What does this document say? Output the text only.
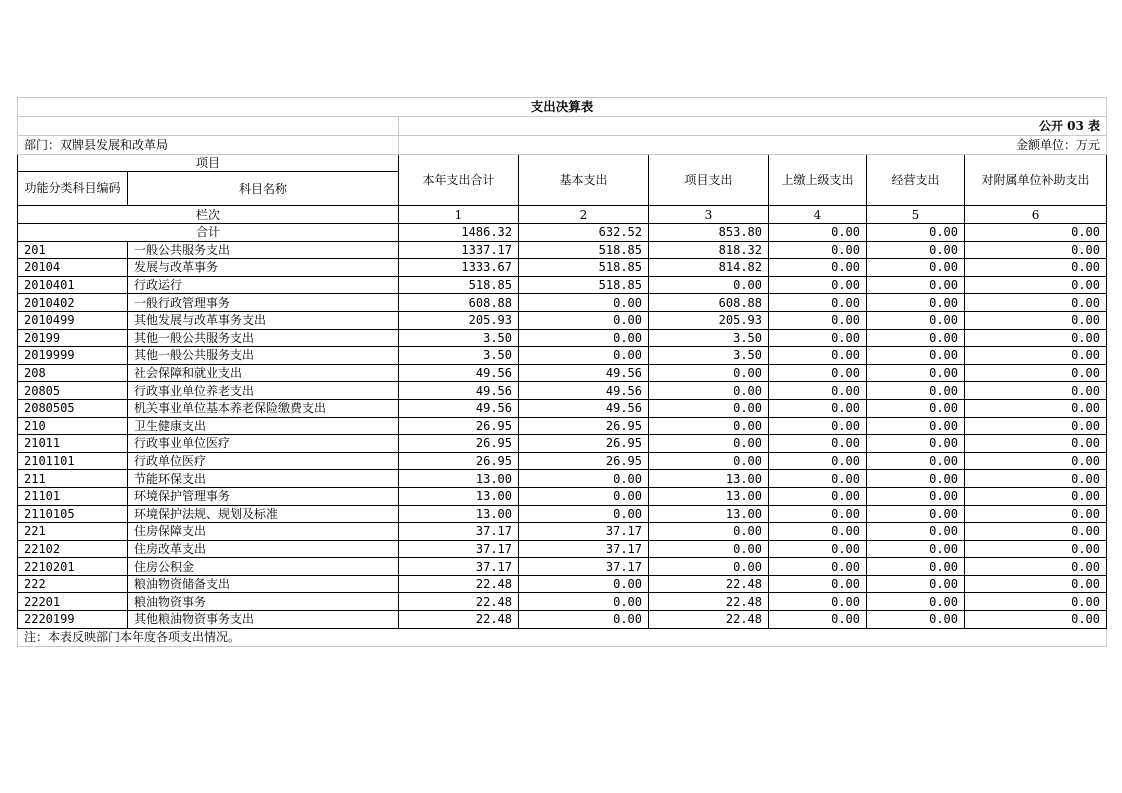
支出决算表							
		公开 03 表					
部门：双牌县发展和改革局		金额单位：万元					
项目		本年支出合计	基本支出	项目支出	上缴上级支出	经营支出	对附属单位补助支出
功能分类科目编码	科目名称						
栏次		1	2	3	4	5	6
合计		1486.32	632.52	853.80	0.00	0.00	0.00
201	一般公共服务支出	1337.17	518.85	818.32	0.00	0.00	0.00
20104	发展与改革事务	1333.67	518.85	814.82	0.00	0.00	0.00
2010401	行政运行	518.85	518.85	0.00	0.00	0.00	0.00
2010402	一般行政管理事务	608.88	0.00	608.88	0.00	0.00	0.00
2010499	其他发展与改革事务支出	205.93	0.00	205.93	0.00	0.00	0.00
20199	其他一般公共服务支出	3.50	0.00	3.50	0.00	0.00	0.00
2019999	其他一般公共服务支出	3.50	0.00	3.50	0.00	0.00	0.00
208	社会保障和就业支出	49.56	49.56	0.00	0.00	0.00	0.00
20805	行政事业单位养老支出	49.56	49.56	0.00	0.00	0.00	0.00
2080505	机关事业单位基本养老保险缴费支出	49.56	49.56	0.00	0.00	0.00	0.00
210	卫生健康支出	26.95	26.95	0.00	0.00	0.00	0.00
21011	行政事业单位医疗	26.95	26.95	0.00	0.00	0.00	0.00
2101101	行政单位医疗	26.95	26.95	0.00	0.00	0.00	0.00
211	节能环保支出	13.00	0.00	13.00	0.00	0.00	0.00
21101	环境保护管理事务	13.00	0.00	13.00	0.00	0.00	0.00
2110105	环境保护法规、规划及标准	13.00	0.00	13.00	0.00	0.00	0.00
221	住房保障支出	37.17	37.17	0.00	0.00	0.00	0.00
22102	住房改革支出	37.17	37.17	0.00	0.00	0.00	0.00
2210201	住房公积金	37.17	37.17	0.00	0.00	0.00	0.00
222	粮油物资储备支出	22.48	0.00	22.48	0.00	0.00	0.00
22201	粮油物资事务	22.48	0.00	22.48	0.00	0.00	0.00
2220199	其他粮油物资事务支出	22.48	0.00	22.48	0.00	0.00	0.00
注：本表反映部门本年度各项支出情况。							
